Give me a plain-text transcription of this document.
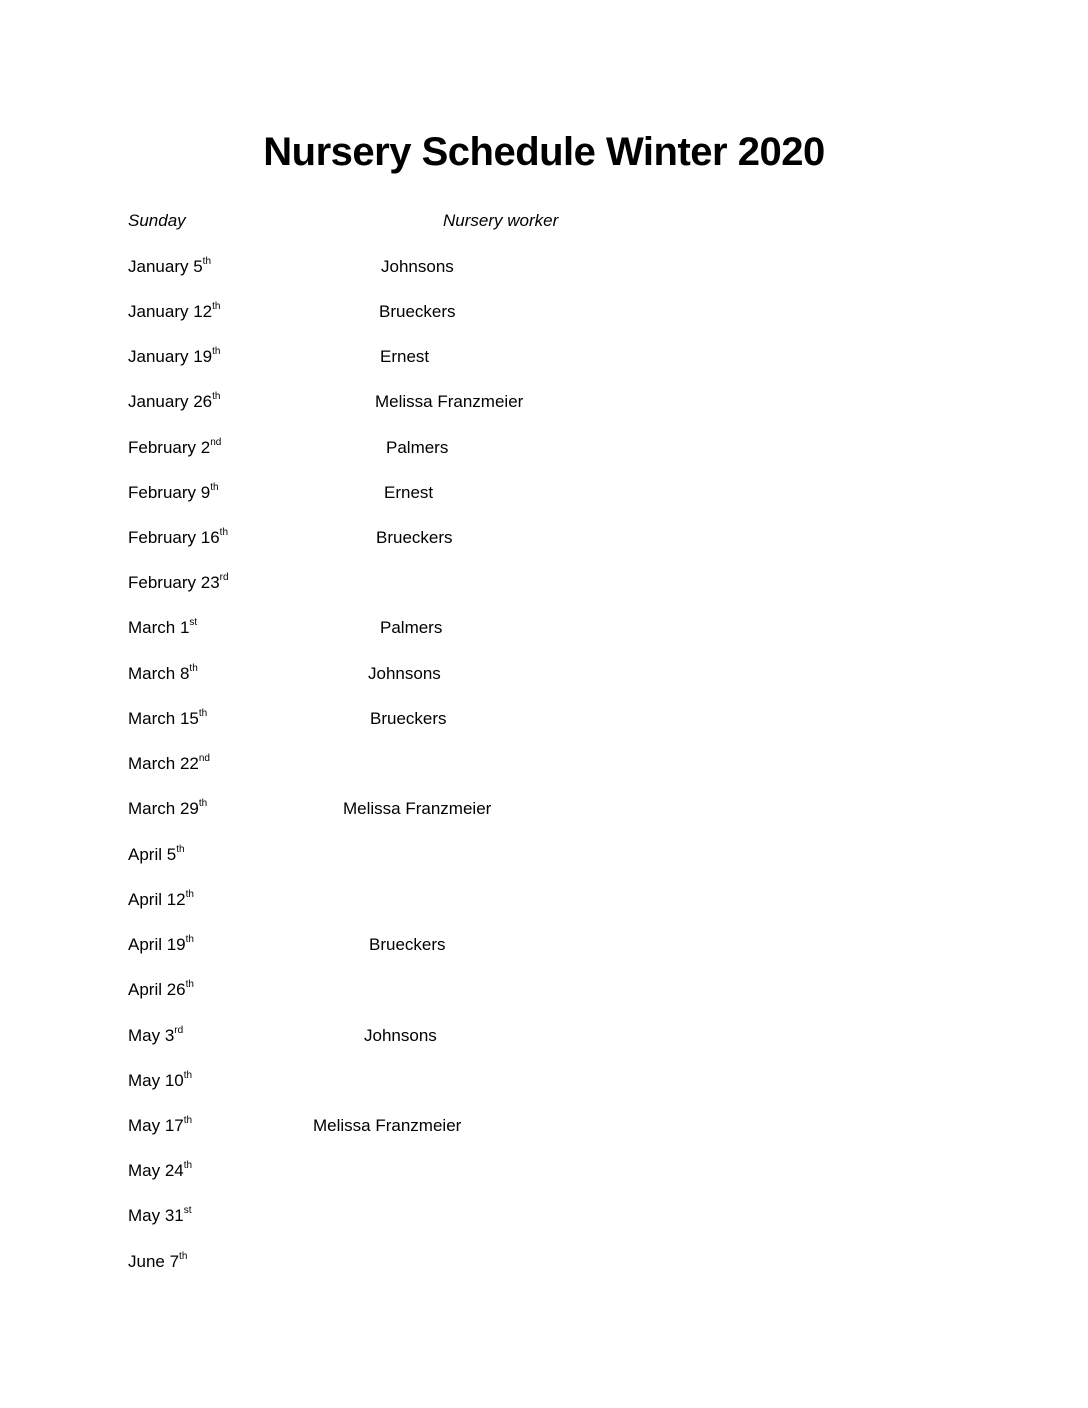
Nursery Schedule Winter 2020
Sunday	Nursery worker
January 5th	Johnsons
January 12th	Brueckers
January 19th	Ernest
January 26th	Melissa Franzmeier
February 2nd	Palmers
February 9th	Ernest
February 16th	Brueckers
February 23rd
March 1st	Palmers
March 8th	Johnsons
March 15th	Brueckers
March 22nd
March 29th	Melissa Franzmeier
April 5th
April 12th
April 19th	Brueckers
April 26th
May 3rd	Johnsons
May 10th
May 17th	Melissa Franzmeier
May 24th
May 31st
June 7th
